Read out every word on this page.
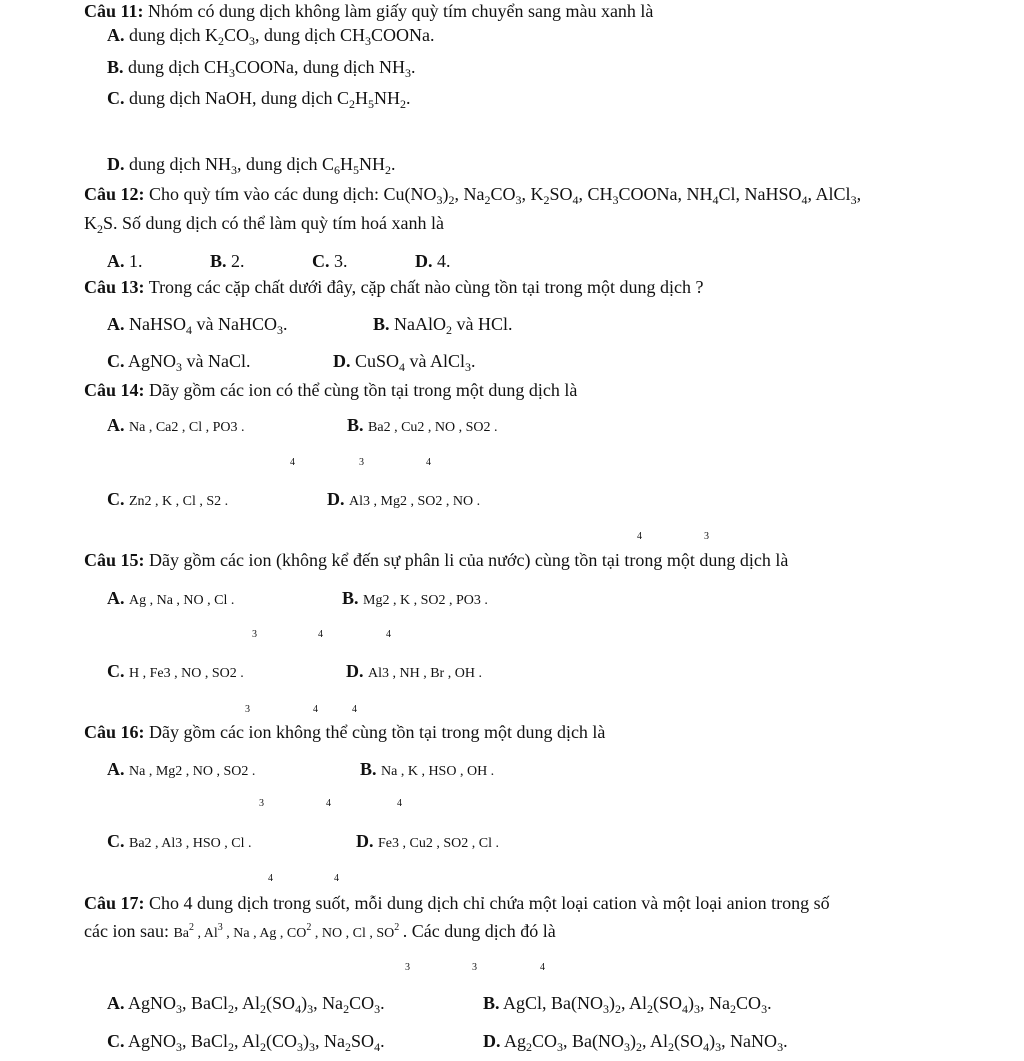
Câu 11: Nhóm có dung dịch không làm giấy quỳ tím chuyển sang màu xanh là
A. dung dịch $K_2CO_3$, dung dịch $CH_3COONa$.
B. dung dịch $CH_3COONa$, dung dịch $NH_3$.
C. dung dịch NaOH, dung dịch $C_2H_5NH_2$.
D. dung dịch $NH_3$, dung dịch $C_6H_5NH_2$.
Câu 12: Cho quỳ tím vào các dung dịch: $Cu(NO_3)_2$, $Na_2CO_3$, $K_2SO_4$, $CH_3COONa$, $NH_4Cl$, NaHSO$_4$, AlCl$_3$,
$K_2S$. Số dung dịch có thể làm quỳ tím hoá xanh là
A. 1.	B. 2.	C. 3.	D. 4.
Câu 13: Trong các cặp chất dưới đây, cặp chất nào cùng tồn tại trong một dung dịch ?
A. NaHSO$_4$ và NaHCO$_3$.	B. NaAlO$_2$ và HCl.
C. AgNO$_3$ và NaCl.	D. CuSO$_4$ và AlCl$_3$.
Câu 14: Dãy gồm các ion có thể cùng tồn tại trong một dung dịch là
A. Na , Ca2 , Cl , PO3 .	B. Ba2 , Cu2 , NO , SO2 .
4	3	4
C. Zn2 , K , Cl , S2 .	D. Al3 , Mg2 , SO2 , NO .
4	3
Câu 15: Dãy gồm các ion (không kể đến sự phân li của nước) cùng tồn tại trong một dung dịch là
A. Ag , Na , NO , Cl .	B. Mg2 , K , SO2 , PO3 .
3	4	4
C. H , Fe3 , NO , SO2 .	D. Al3 , NH , Br , OH .
3	4	4
Câu 16: Dãy gồm các ion không thể cùng tồn tại trong một dung dịch là
A. Na , Mg2 , NO , SO2 .	B. Na , K , HSO , OH .
3	4	4
C. Ba2 , Al3 , HSO , Cl .	D. Fe3 , Cu2 , SO2 , Cl .
4	4
Câu 17: Cho 4 dung dịch trong suốt, mỗi dung dịch chỉ chứa một loại cation và một loại anion trong số
các ion sau: Ba$^2$ , Al$^3$ , Na , Ag , $CO^2$ , NO , Cl , $SO^2$ . Các dung dịch đó là
3	3	4
A. AgNO$_3$, BaCl$_2$, $Al_2(SO_4)_3$, $Na_2CO_3$.	B. AgCl, $Ba(NO_3)_2$, $Al_2(SO_4)_3$, $Na_2CO_3$.
C. AgNO$_3$, BaCl$_2$, $Al_2(CO_3)_3$, $Na_2SO_4$.	D. $Ag_2CO_3$, $Ba(NO_3)_2$, $Al_2(SO_4)_3$, NaNO$_3$.
